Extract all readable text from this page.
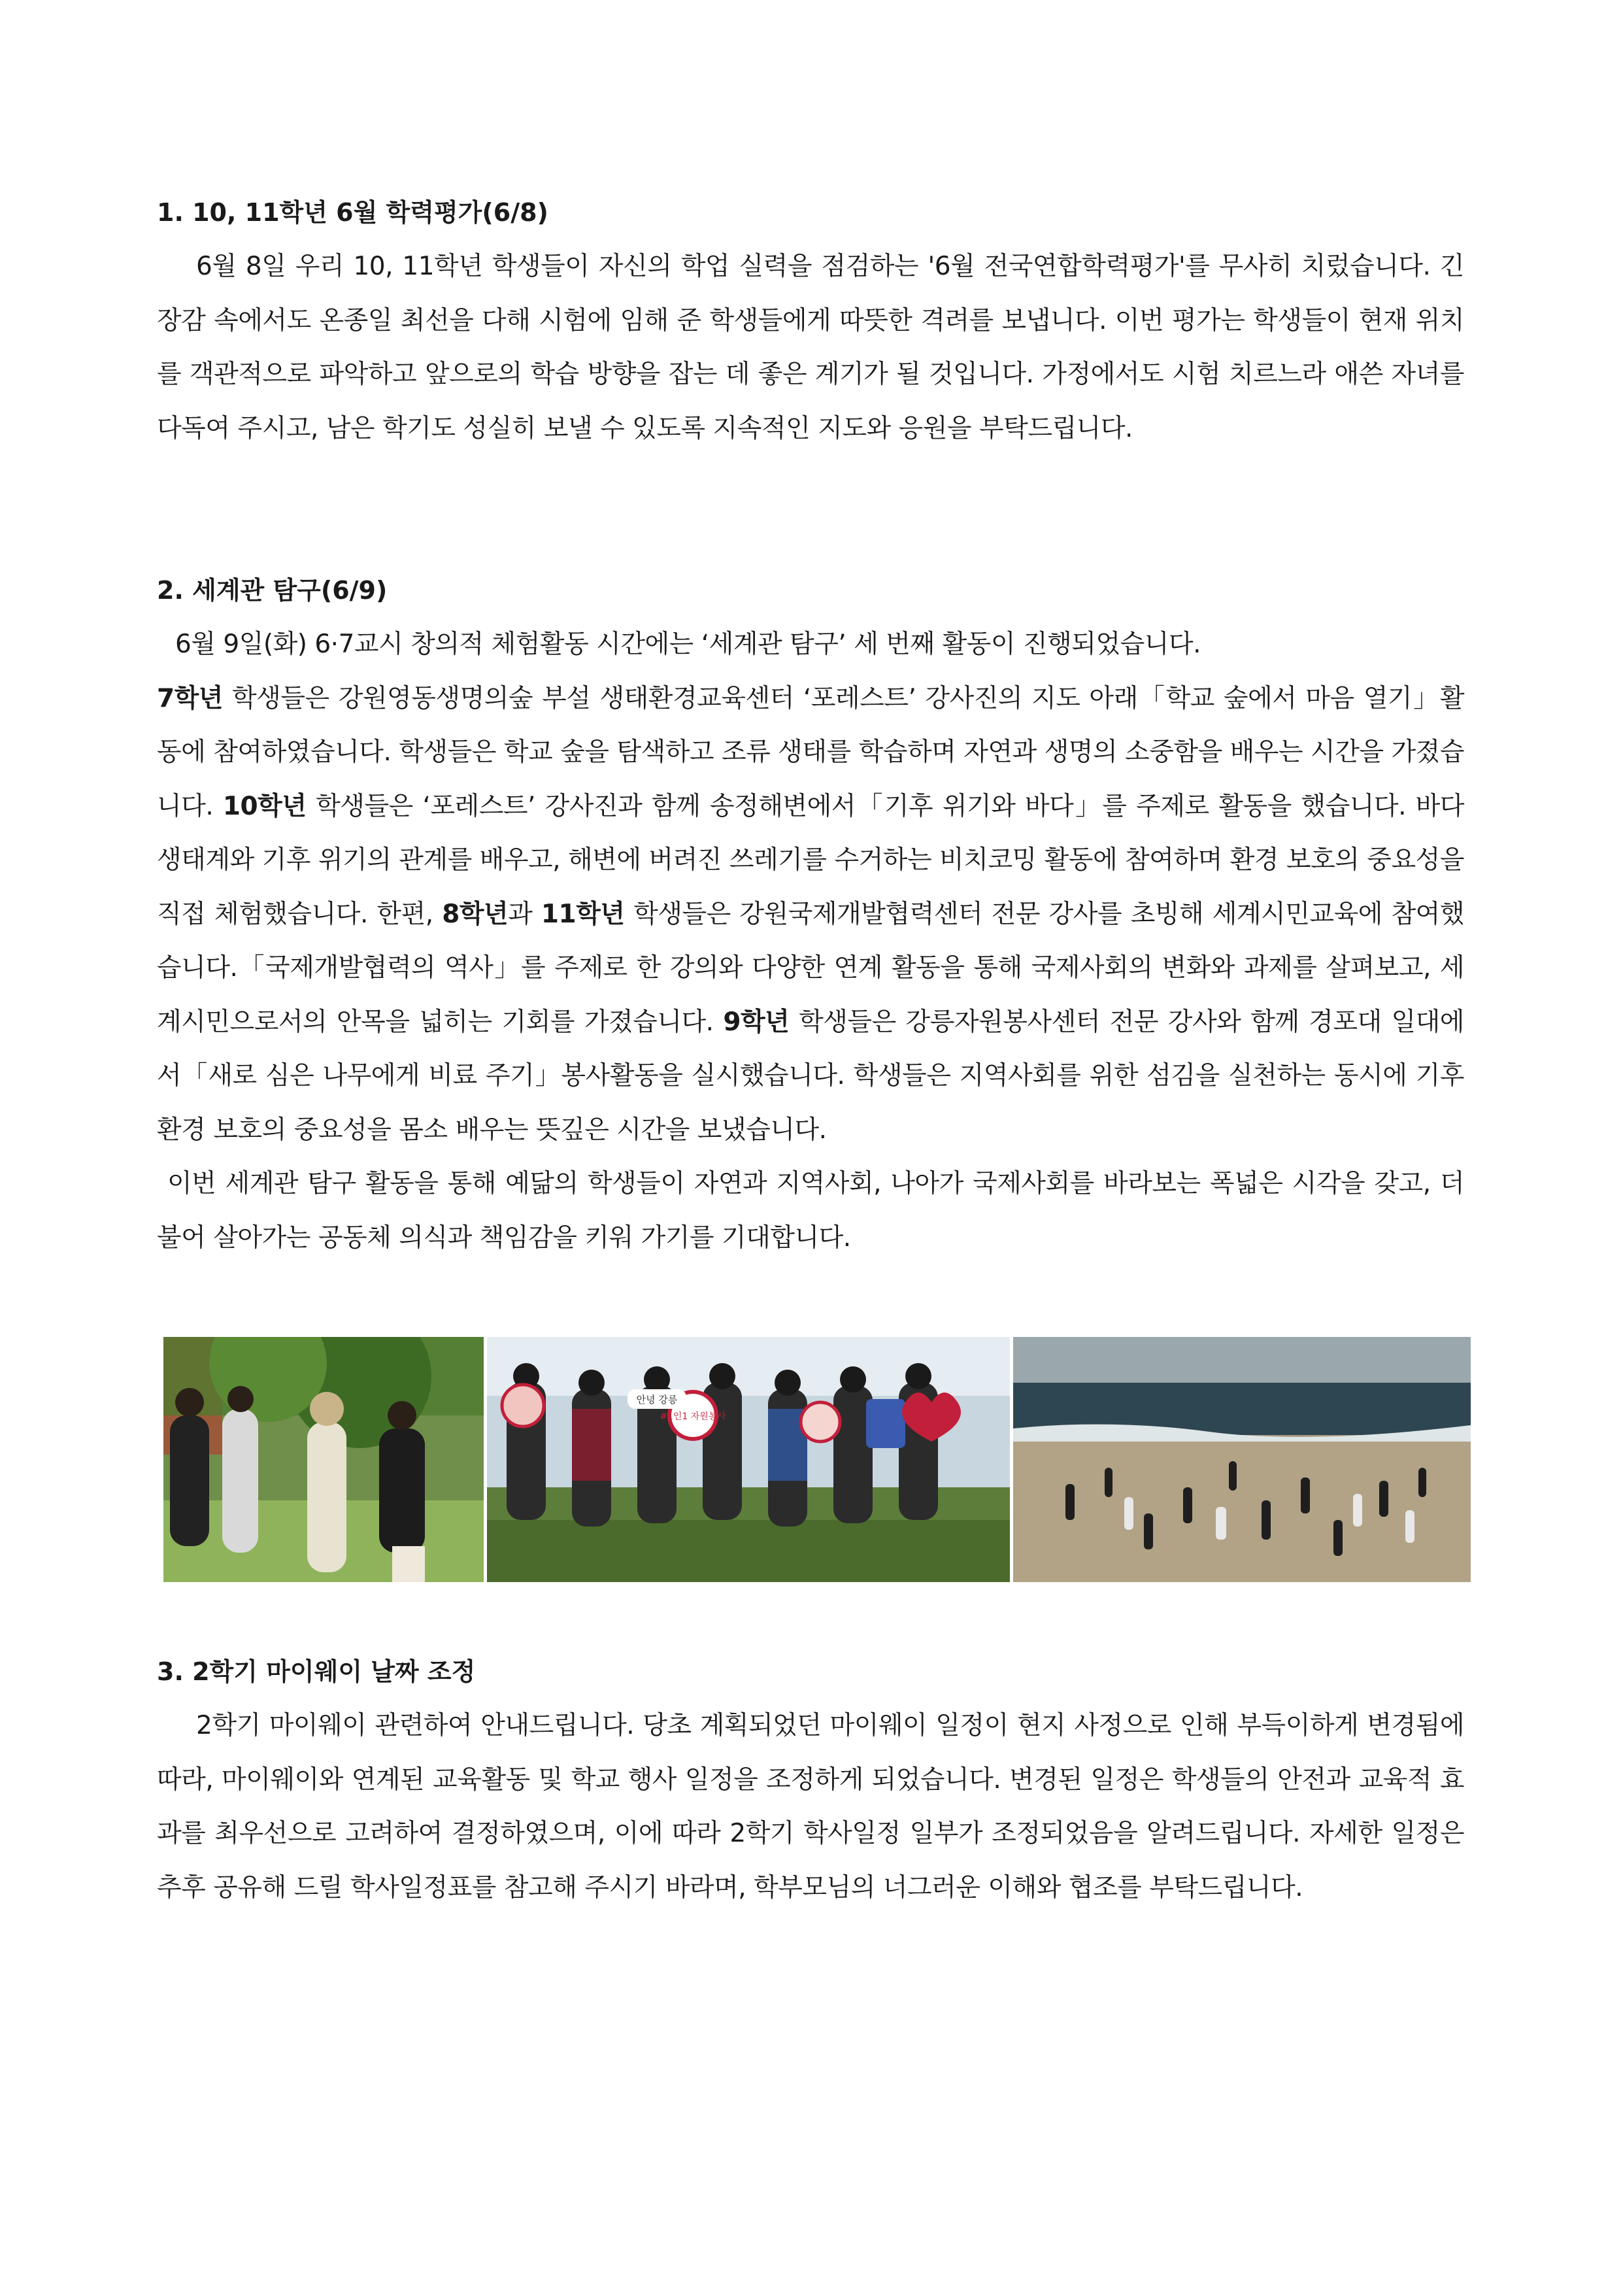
1. 10, 11학년 6월 학력평가(6/8)

6월 8일 우리 10, 11학년 학생들이 자신의 학업 실력을 점검하는 '6월 전국연합학력평가'를 무사히 치렀습니다. 긴장감 속에서도 온종일 최선을 다해 시험에 임해 준 학생들에게 따뜻한 격려를 보냅니다. 이번 평가는 학생들이 현재 위치를 객관적으로 파악하고 앞으로의 학습 방향을 잡는 데 좋은 계기가 될 것입니다. 가정에서도 시험 치르느라 애쓴 자녀를 다독여 주시고, 남은 학기도 성실히 보낼 수 있도록 지속적인 지도와 응원을 부탁드립니다.

2. 세계관 탐구(6/9)

6월 9일(화) 6·7교시 창의적 체험활동 시간에는 ‘세계관 탐구’ 세 번째 활동이 진행되었습니다.

7학년 학생들은 강원영동생명의숲 부설 생태환경교육센터 ‘포레스트’ 강사진의 지도 아래「학교 숲에서 마음 열기」활동에 참여하였습니다. 학생들은 학교 숲을 탐색하고 조류 생태를 학습하며 자연과 생명의 소중함을 배우는 시간을 가졌습니다. 10학년 학생들은 ‘포레스트’ 강사진과 함께 송정해변에서「기후 위기와 바다」를 주제로 활동을 했습니다. 바다 생태계와 기후 위기의 관계를 배우고, 해변에 버려진 쓰레기를 수거하는 비치코밍 활동에 참여하며 환경 보호의 중요성을 직접 체험했습니다. 한편, 8학년과 11학년 학생들은 강원국제개발협력센터 전문 강사를 초빙해 세계시민교육에 참여했습니다.「국제개발협력의 역사」를 주제로 한 강의와 다양한 연계 활동을 통해 국제사회의 변화와 과제를 살펴보고, 세계시민으로서의 안목을 넓히는 기회를 가졌습니다. 9학년 학생들은 강릉자원봉사센터 전문 강사와 함께 경포대 일대에서「새로 심은 나무에게 비료 주기」봉사활동을 실시했습니다. 학생들은 지역사회를 위한 섬김을 실천하는 동시에 기후환경 보호의 중요성을 몸소 배우는 뜻깊은 시간을 보냈습니다.

이번 세계관 탐구 활동을 통해 예닮의 학생들이 자연과 지역사회, 나아가 국제사회를 바라보는 폭넓은 시각을 갖고, 더불어 살아가는 공동체 의식과 책임감을 키워 가기를 기대합니다.

#1인1 자원봉사
안녕 강릉
3. 2학기 마이웨이 날짜 조정

2학기 마이웨이 관련하여 안내드립니다. 당초 계획되었던 마이웨이 일정이 현지 사정으로 인해 부득이하게 변경됨에 따라, 마이웨이와 연계된 교육활동 및 학교 행사 일정을 조정하게 되었습니다. 변경된 일정은 학생들의 안전과 교육적 효과를 최우선으로 고려하여 결정하였으며, 이에 따라 2학기 학사일정 일부가 조정되었음을 알려드립니다. 자세한 일정은 추후 공유해 드릴 학사일정표를 참고해 주시기 바라며, 학부모님의 너그러운 이해와 협조를 부탁드립니다.
